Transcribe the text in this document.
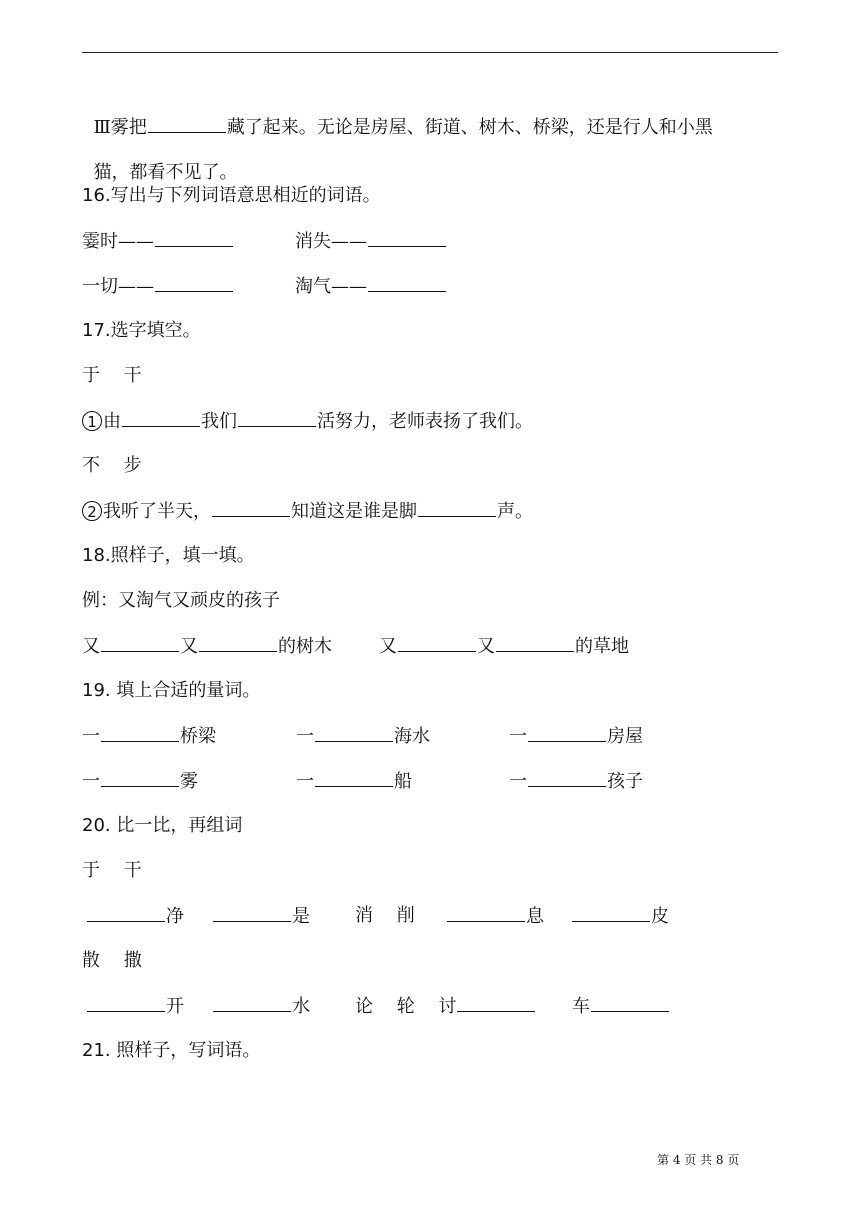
Ⅲ雾把	藏了起来。无论是房屋、街道、树木、桥梁，还是行人和小黑

猫，都看不见了。

16.写出与下列词语意思相近的词语。
霎时——	消失——
一切——	淘气——
17.选字填空。
于　 干
1 由	我们	活努力，老师表扬了我们。
不　 步
2 我听了半天，	知道这是谁是脚	声。
18.照样子，填一填。
例：又淘气又顽皮的孩子
又	又	的树木	又	又	的草地
19. 填上合适的量词。
一	桥梁	一	海水	一	房屋
一	雾	一	船	一	孩子
20. 比一比，再组词
于　 干
净	是	消　 削	息	皮
散　 撒
开	水	论　 轮　 讨	车
21. 照样子，写词语。
第 4 页 共 8 页
